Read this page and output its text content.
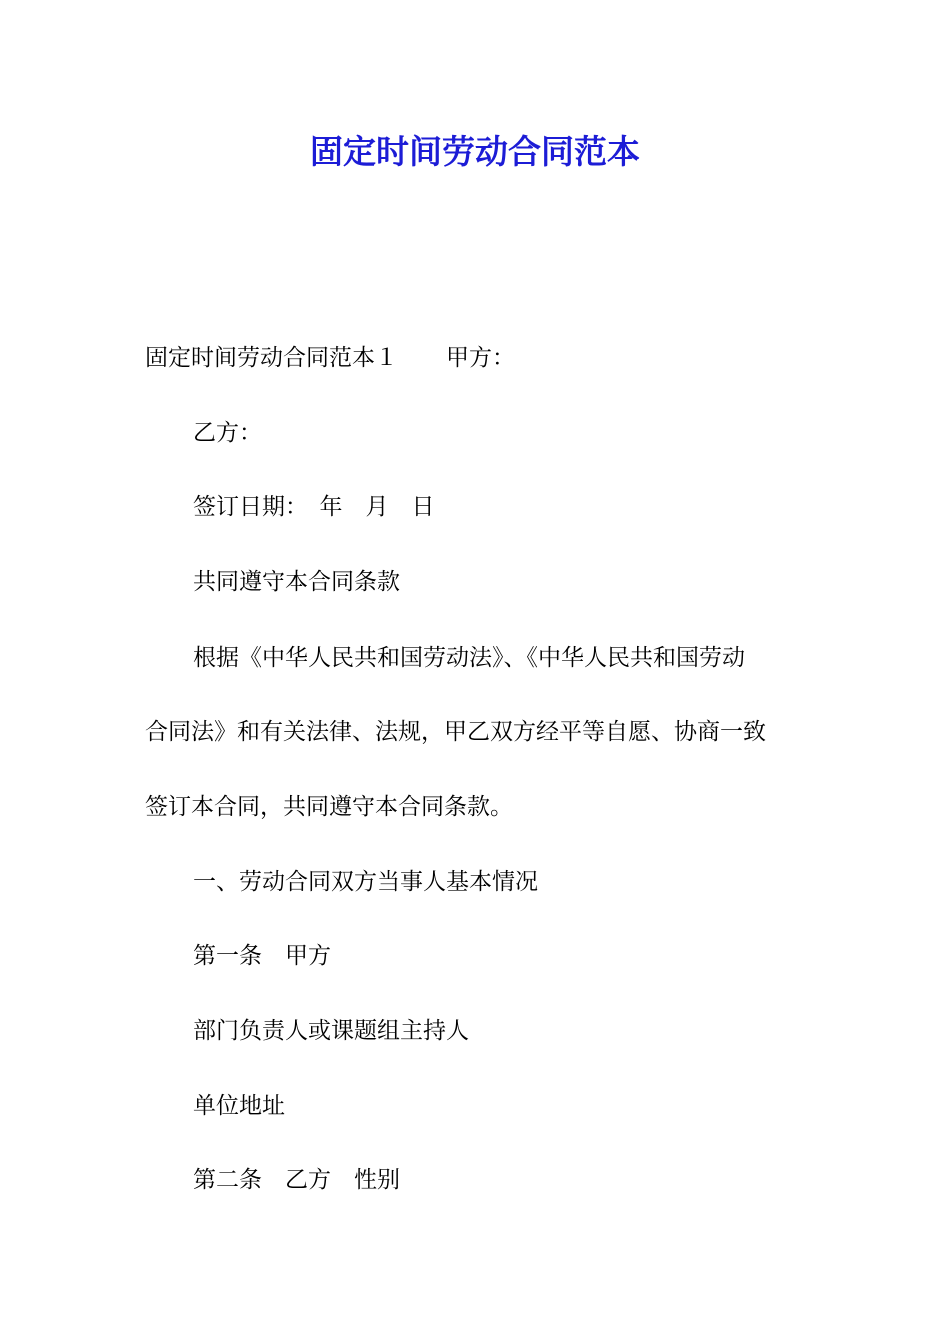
固定时间劳动合同范本

固定时间劳动合同范本１ 甲方：

乙方：

签订日期：　年　月　日

共同遵守本合同条款

根据《中华人民共和国劳动法》、《中华人民共和国劳动

合同法》和有关法律、法规，甲乙双方经平等自愿、协商一致

签订本合同，共同遵守本合同条款。

一、劳动合同双方当事人基本情况

第一条　甲方

部门负责人或课题组主持人

单位地址

第二条　乙方　性别
